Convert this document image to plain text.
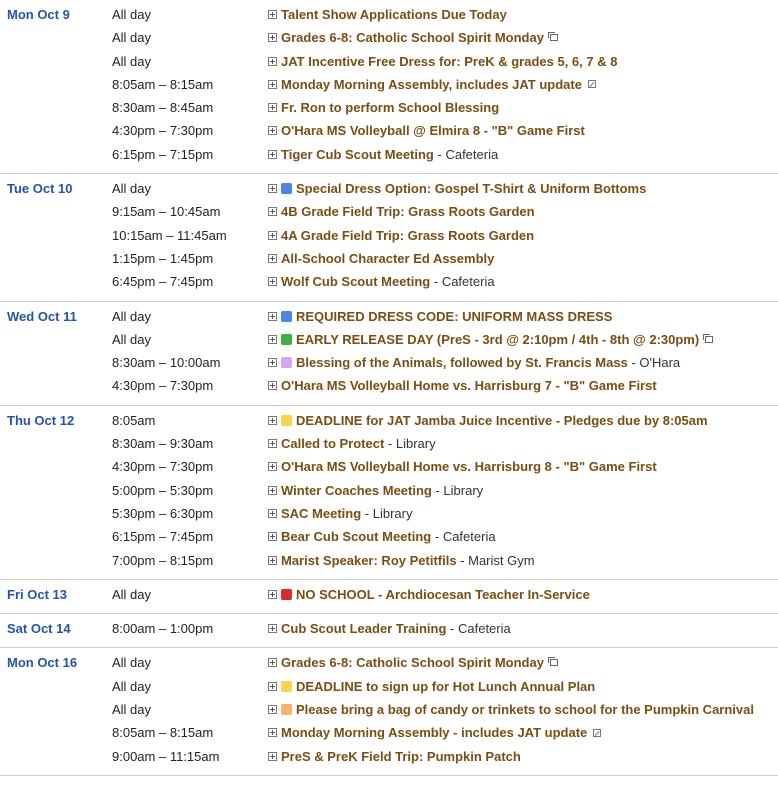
Mon Oct 9	All day	Talent Show Applications Due Today
All day	Grades 6-8: Catholic School Spirit Monday
All day	JAT Incentive Free Dress for: PreK & grades 5, 6, 7 & 8
8:05am – 8:15am	Monday Morning Assembly, includes JAT update
8:30am – 8:45am	Fr. Ron to perform School Blessing
4:30pm – 7:30pm	O'Hara MS Volleyball @ Elmira 8 - "B" Game First
6:15pm – 7:15pm	Tiger Cub Scout Meeting - Cafeteria
Tue Oct 10	All day	Special Dress Option: Gospel T-Shirt & Uniform Bottoms
9:15am – 10:45am	4B Grade Field Trip: Grass Roots Garden
10:15am – 11:45am	4A Grade Field Trip: Grass Roots Garden
1:15pm – 1:45pm	All-School Character Ed Assembly
6:45pm – 7:45pm	Wolf Cub Scout Meeting - Cafeteria
Wed Oct 11	All day	REQUIRED DRESS CODE: UNIFORM MASS DRESS
All day	EARLY RELEASE DAY (PreS - 3rd @ 2:10pm / 4th - 8th @ 2:30pm)
8:30am – 10:00am	Blessing of the Animals, followed by St. Francis Mass - O'Hara
4:30pm – 7:30pm	O'Hara MS Volleyball Home vs. Harrisburg 7 - "B" Game First
Thu Oct 12	8:05am	DEADLINE for JAT Jamba Juice Incentive - Pledges due by 8:05am
8:30am – 9:30am	Called to Protect - Library
4:30pm – 7:30pm	O'Hara MS Volleyball Home vs. Harrisburg 8 - "B" Game First
5:00pm – 5:30pm	Winter Coaches Meeting - Library
5:30pm – 6:30pm	SAC Meeting - Library
6:15pm – 7:45pm	Bear Cub Scout Meeting - Cafeteria
7:00pm – 8:15pm	Marist Speaker: Roy Petitfils - Marist Gym
Fri Oct 13	All day	NO SCHOOL - Archdiocesan Teacher In-Service
Sat Oct 14	8:00am – 1:00pm	Cub Scout Leader Training - Cafeteria
Mon Oct 16	All day	Grades 6-8: Catholic School Spirit Monday
All day	DEADLINE to sign up for Hot Lunch Annual Plan
All day	Please bring a bag of candy or trinkets to school for the Pumpkin Carnival
8:05am – 8:15am	Monday Morning Assembly - includes JAT update
9:00am – 11:15am	PreS & PreK Field Trip: Pumpkin Patch
